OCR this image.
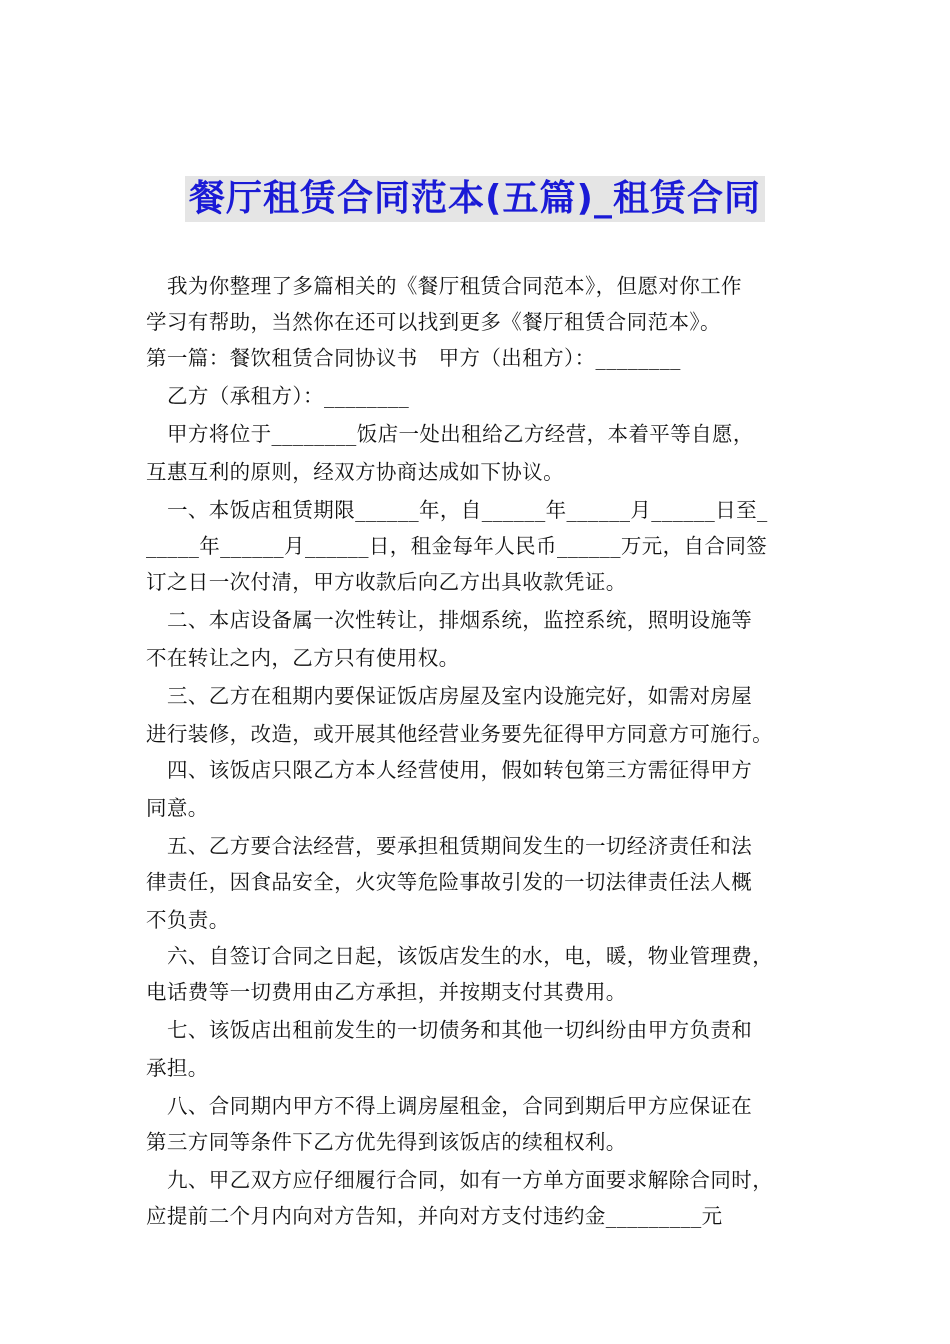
餐厅租赁合同范本(五篇)_租赁合同
我为你整理了多篇相关的《餐厅租赁合同范本》，但愿对你工作
学习有帮助，当然你在还可以找到更多《餐厅租赁合同范本》。
第一篇：餐饮租赁合同协议书　甲方（出租方）：________
乙方（承租方）：________
甲方将位于________饭店一处出租给乙方经营，本着平等自愿，
互惠互利的原则，经双方协商达成如下协议。
一、本饭店租赁期限______年，自______年______月______日至_
_____年______月______日，租金每年人民币______万元，自合同签
订之日一次付清，甲方收款后向乙方出具收款凭证。
二、本店设备属一次性转让，排烟系统，监控系统，照明设施等
不在转让之内，乙方只有使用权。
三、乙方在租期内要保证饭店房屋及室内设施完好，如需对房屋
进行装修，改造，或开展其他经营业务要先征得甲方同意方可施行。
四、该饭店只限乙方本人经营使用，假如转包第三方需征得甲方
同意。
五、乙方要合法经营，要承担租赁期间发生的一切经济责任和法
律责任，因食品安全，火灾等危险事故引发的一切法律责任法人概
不负责。
六、自签订合同之日起，该饭店发生的水，电，暖，物业管理费，
电话费等一切费用由乙方承担，并按期支付其费用。
七、该饭店出租前发生的一切债务和其他一切纠纷由甲方负责和
承担。
八、合同期内甲方不得上调房屋租金，合同到期后甲方应保证在
第三方同等条件下乙方优先得到该饭店的续租权利。
九、甲乙双方应仔细履行合同，如有一方单方面要求解除合同时，
应提前二个月内向对方告知，并向对方支付违约金_________元
